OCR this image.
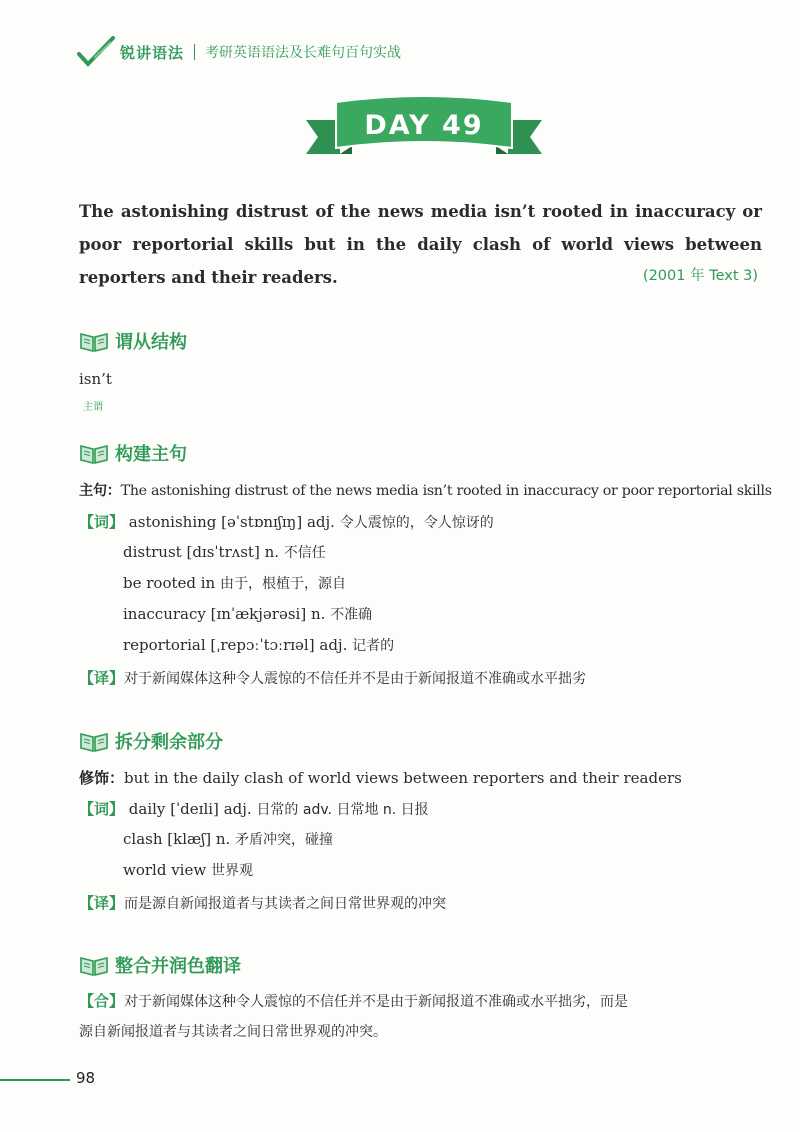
锐讲语法 考研英语语法及长难句百句实战
DAY 49
The astonishing distrust of the news media isn’t rooted in inaccuracy or poor reportorial skills but in the daily clash of world views between reporters and their readers.	(2001 年 Text 3)
谓从结构
isn’t
主谓
构建主句
主句：The astonishing distrust of the news media isn’t rooted in inaccuracy or poor reportorial skills
【词】 astonishing [əˈstɒnɪʃɪŋ] adj. 令人震惊的，令人惊讶的
distrust [dɪsˈtrʌst] n. 不信任
be rooted in 由于，根植于，源自
inaccuracy [ɪnˈækjərəsi] n. 不准确
reportorial [ˌrepɔːˈtɔːrɪəl] adj. 记者的
【译】对于新闻媒体这种令人震惊的不信任并不是由于新闻报道不准确或水平拙劣
拆分剩余部分
修饰：but in the daily clash of world views between reporters and their readers
【词】 daily [ˈdeɪli] adj. 日常的 adv. 日常地 n. 日报
clash [klæʃ] n. 矛盾冲突，碰撞
world view 世界观
【译】而是源自新闻报道者与其读者之间日常世界观的冲突
整合并润色翻译
【合】对于新闻媒体这种令人震惊的不信任并不是由于新闻报道不准确或水平拙劣，而是
源自新闻报道者与其读者之间日常世界观的冲突。
98
